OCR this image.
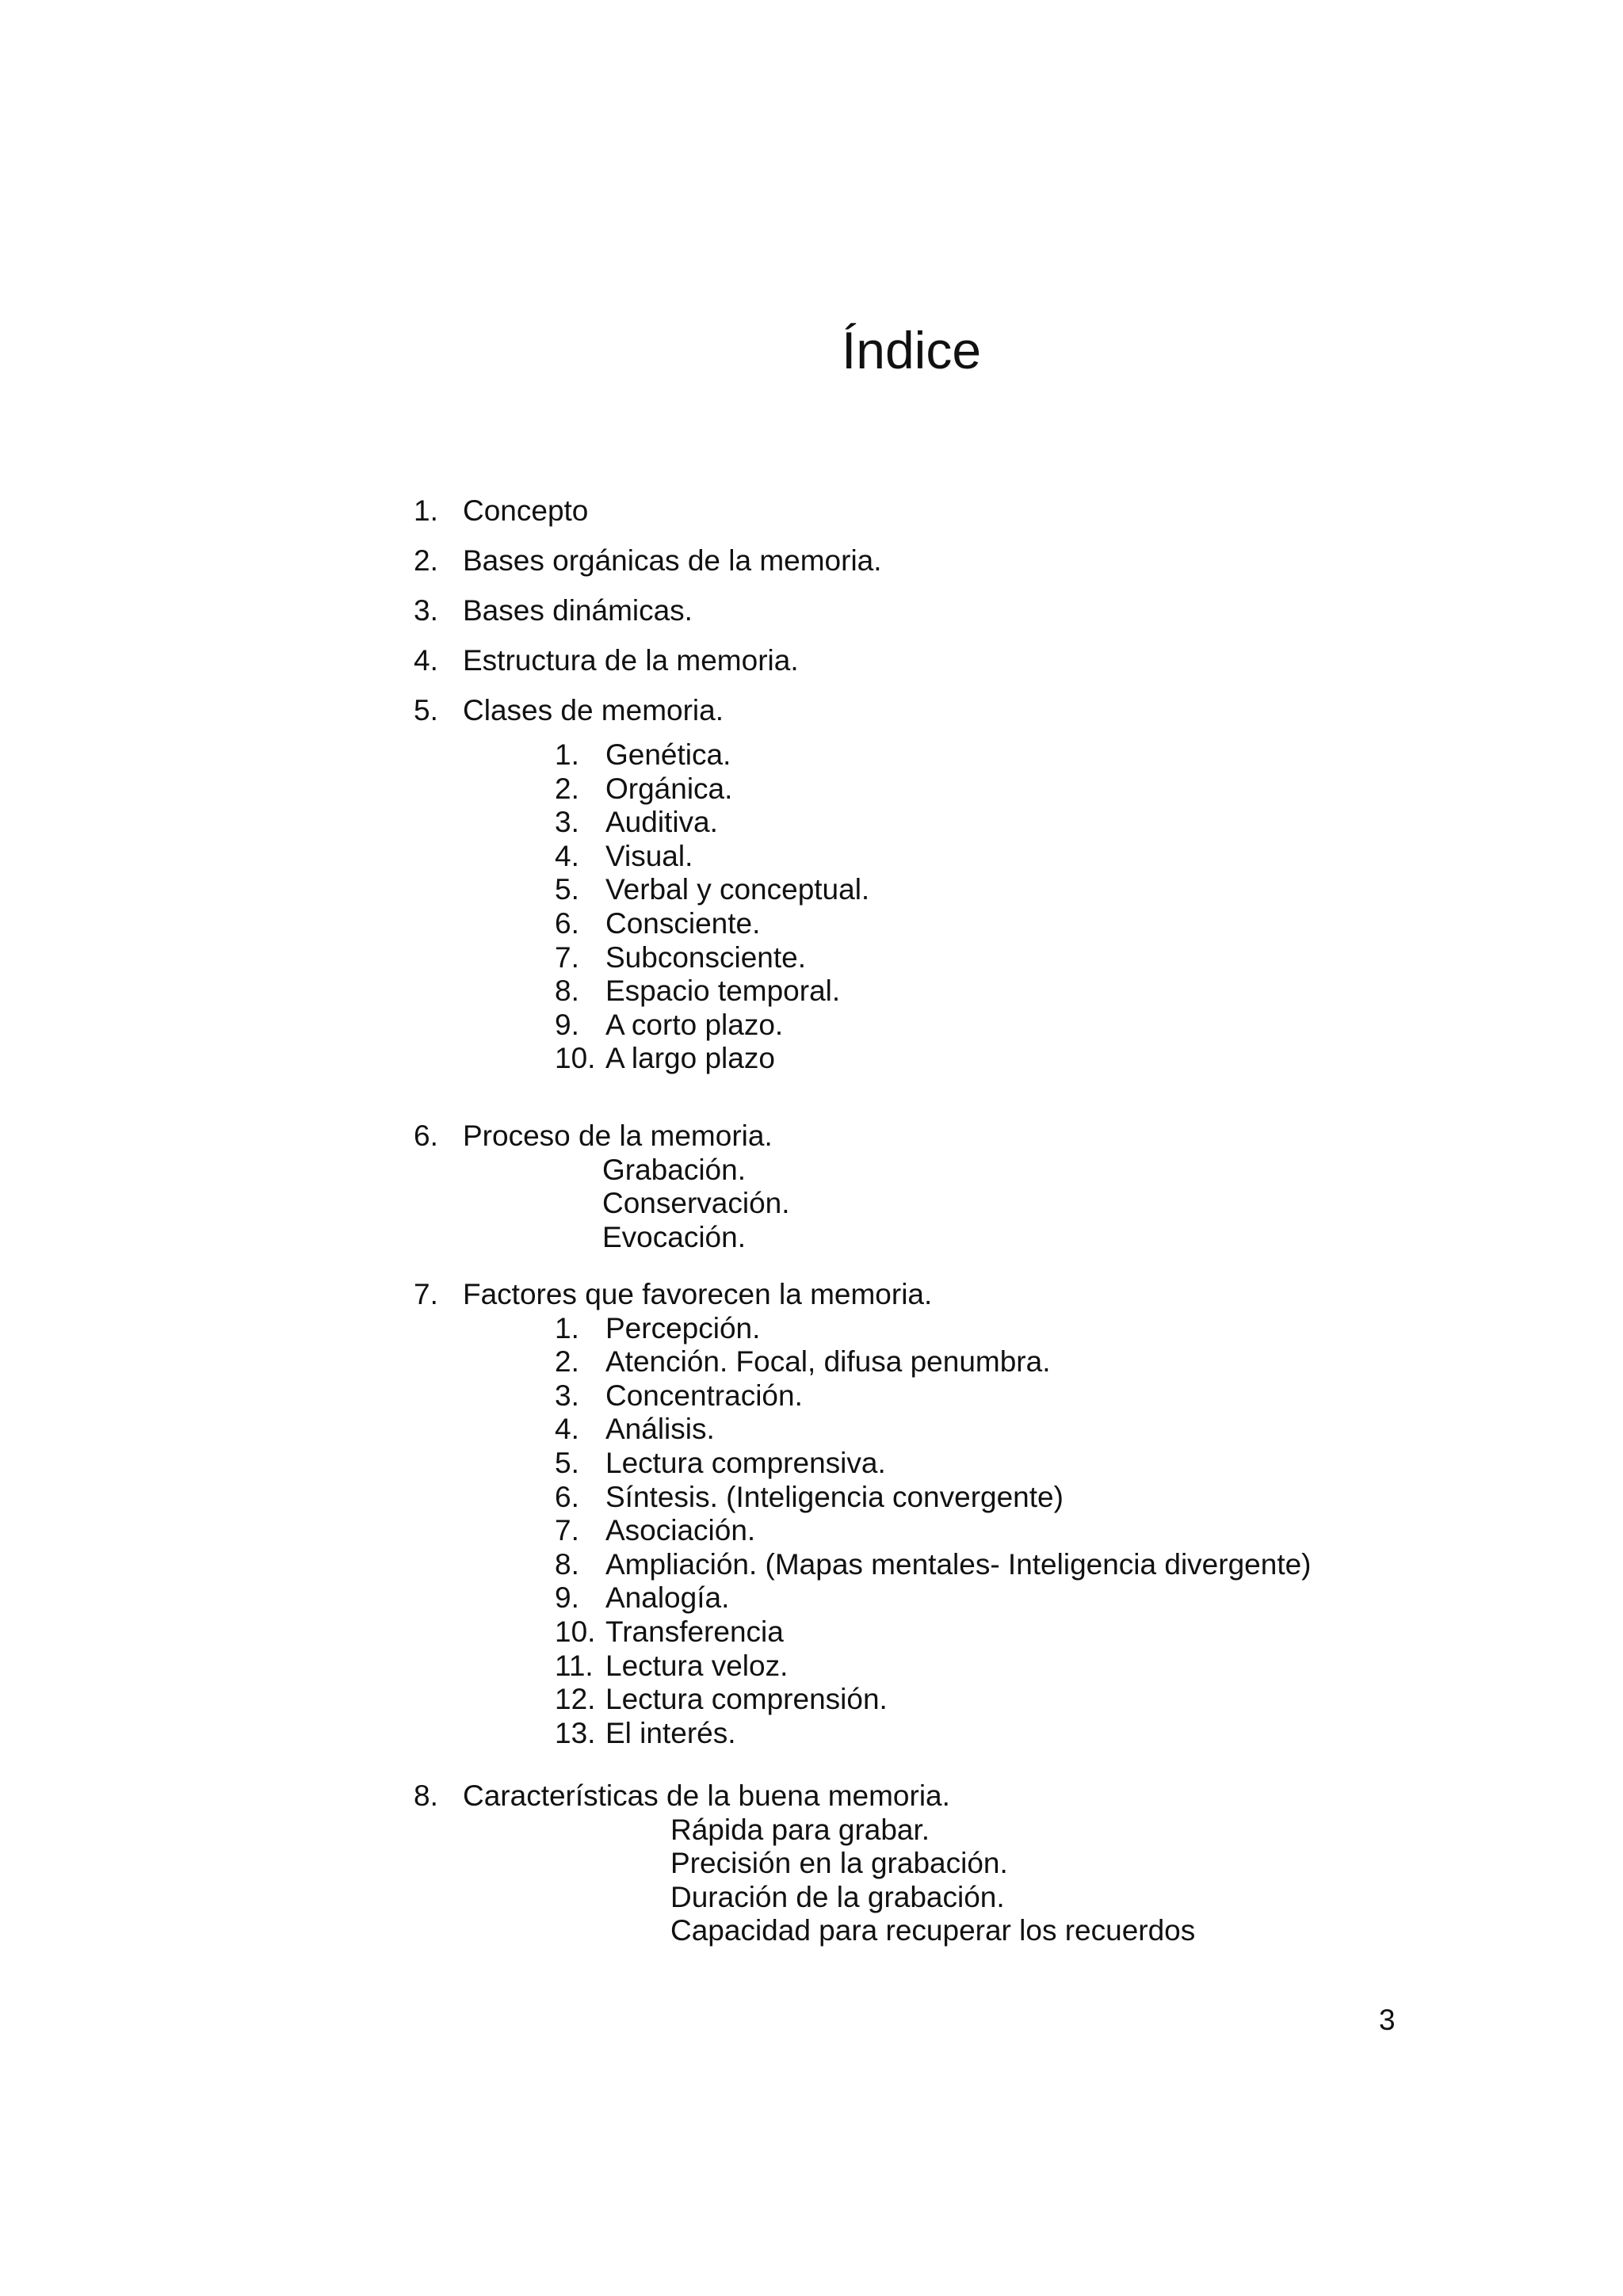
Índice
1. Concepto
2. Bases orgánicas de la memoria.
3. Bases dinámicas.
4. Estructura de la memoria.
5. Clases de memoria.
1. Genética.
2. Orgánica.
3. Auditiva.
4. Visual.
5. Verbal y conceptual.
6. Consciente.
7. Subconsciente.
8. Espacio temporal.
9. A corto plazo.
10. A largo plazo
6. Proceso de la memoria.
Grabación.
Conservación.
Evocación.
7. Factores que favorecen la memoria.
1. Percepción.
2. Atención. Focal, difusa penumbra.
3. Concentración.
4. Análisis.
5. Lectura comprensiva.
6. Síntesis. (Inteligencia convergente)
7. Asociación.
8. Ampliación. (Mapas mentales- Inteligencia divergente)
9. Analogía.
10. Transferencia
11. Lectura veloz.
12. Lectura comprensión.
13. El interés.
8. Características de la buena memoria.
Rápida para grabar.
Precisión en la grabación.
Duración de la grabación.
Capacidad para recuperar los recuerdos
3
